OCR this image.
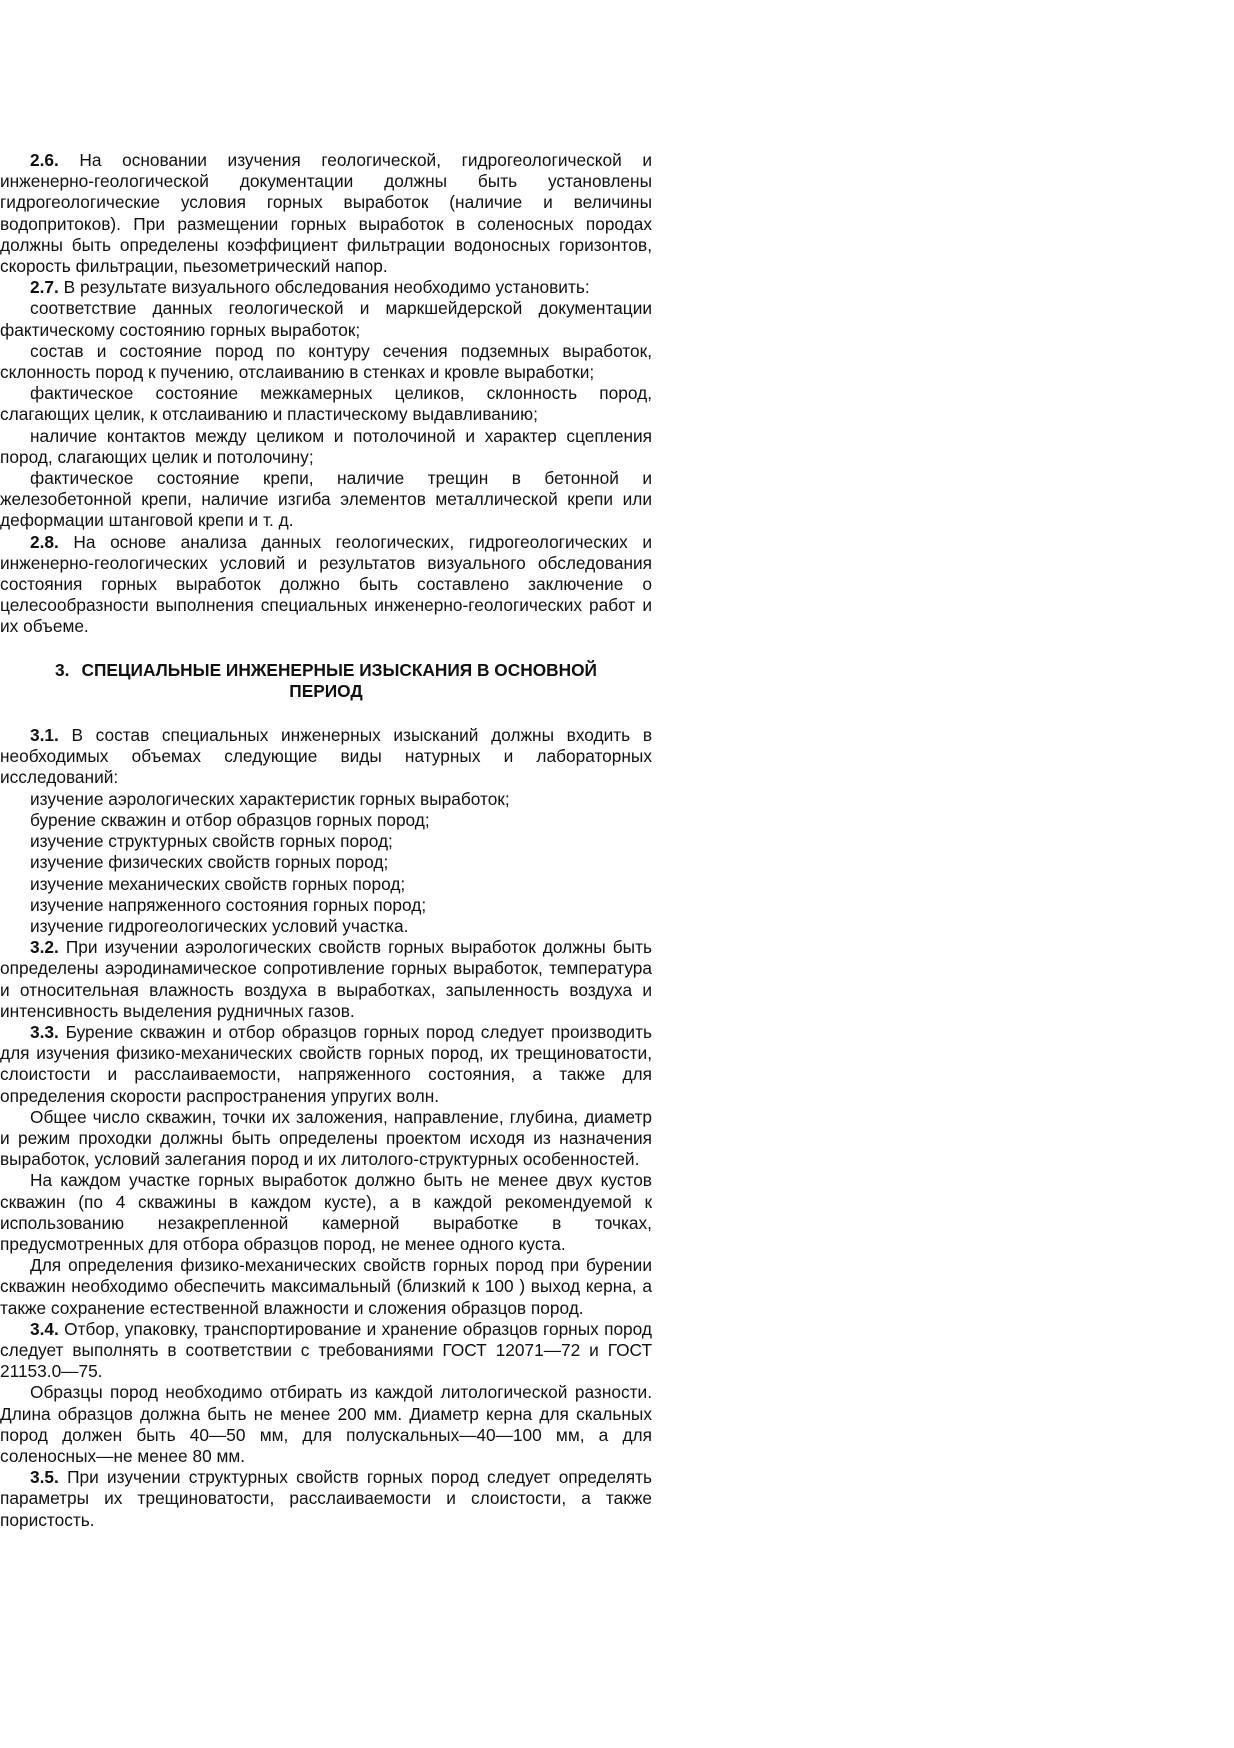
2.6. На основании изучения геологической, гидрогеологической и инженерно-геологической документации должны быть установлены гидрогеологические условия горных выработок (наличие и величины водопритоков). При размещении горных выработок в соленосных породах должны быть определены коэффициент фильтрации водоносных горизонтов, скорость фильтрации, пьезометрический напор.

2.7. В результате визуального обследования необходимо установить:

соответствие данных геологической и маркшейдерской документации фактическому состоянию горных выработок;

состав и состояние пород по контуру сечения подземных выработок, склонность пород к пучению, отслаиванию в стенках и кровле выработки;

фактическое состояние межкамерных целиков, склонность пород, слагающих целик, к отслаиванию и пластическому выдавливанию;

наличие контактов между целиком и потолочиной и характер сцепления пород, слагающих целик и потолочину;

фактическое состояние крепи, наличие трещин в бетонной и железобетонной крепи, наличие изгиба элементов металлической крепи или деформации штанговой крепи и т. д.

2.8. На основе анализа данных геологических, гидрогеологических и инженерно-геологических условий и результатов визуального обследования состояния горных выработок должно быть составлено заключение о целесообразности выполнения специальных инженерно-геологических работ и их объеме.

3. СПЕЦИАЛЬНЫЕ ИНЖЕНЕРНЫЕ ИЗЫСКАНИЯ В ОСНОВНОЙ
ПЕРИОД

3.1. В состав специальных инженерных изысканий должны входить в необходимых объемах следующие виды натурных и лабораторных исследований:

изучение аэрологических характеристик горных выработок;

бурение скважин и отбор образцов горных пород;

изучение структурных свойств горных пород;

изучение физических свойств горных пород;

изучение механических свойств горных пород;

изучение напряженного состояния горных пород;

изучение гидрогеологических условий участка.

3.2. При изучении аэрологических свойств горных выработок должны быть определены аэродинамическое сопротивление горных выработок, температура и относительная влажность воздуха в выработках, запыленность воздуха и интенсивность выделения рудничных газов.

3.3. Бурение скважин и отбор образцов горных пород следует производить для изучения физико-механических свойств горных пород, их трещиноватости, слоистости и расслаиваемости, напряженного состояния, а также для определения скорости распространения упругих волн.

Общее число скважин, точки их заложения, направление, глубина, диаметр и режим проходки должны быть определены проектом исходя из назначения выработок, условий залегания пород и их литолого-структурных особенностей.

На каждом участке горных выработок должно быть не менее двух кустов скважин (по 4 скважины в каждом кусте), а в каждой рекомендуемой к использованию незакрепленной камерной выработке в точках, предусмотренных для отбора образцов пород, не менее одного куста.

Для определения физико-механических свойств горных пород при бурении скважин необходимо обеспечить максимальный (близкий к 100 ) выход керна, а также сохранение естественной влажности и сложения образцов пород.

3.4. Отбор, упаковку, транспортирование и хранение образцов горных пород следует выполнять в соответствии с требованиями ГОСТ 12071—72 и ГОСТ 21153.0—75.

Образцы пород необходимо отбирать из каждой литологической разности. Длина образцов должна быть не менее 200 мм. Диаметр керна для скальных пород должен быть 40—50 мм, для полускальных—40—100 мм, а для соленосных—не менее 80 мм.

3.5. При изучении структурных свойств горных пород следует определять параметры их трещиноватости, расслаиваемости и слоистости, а также пористость.
